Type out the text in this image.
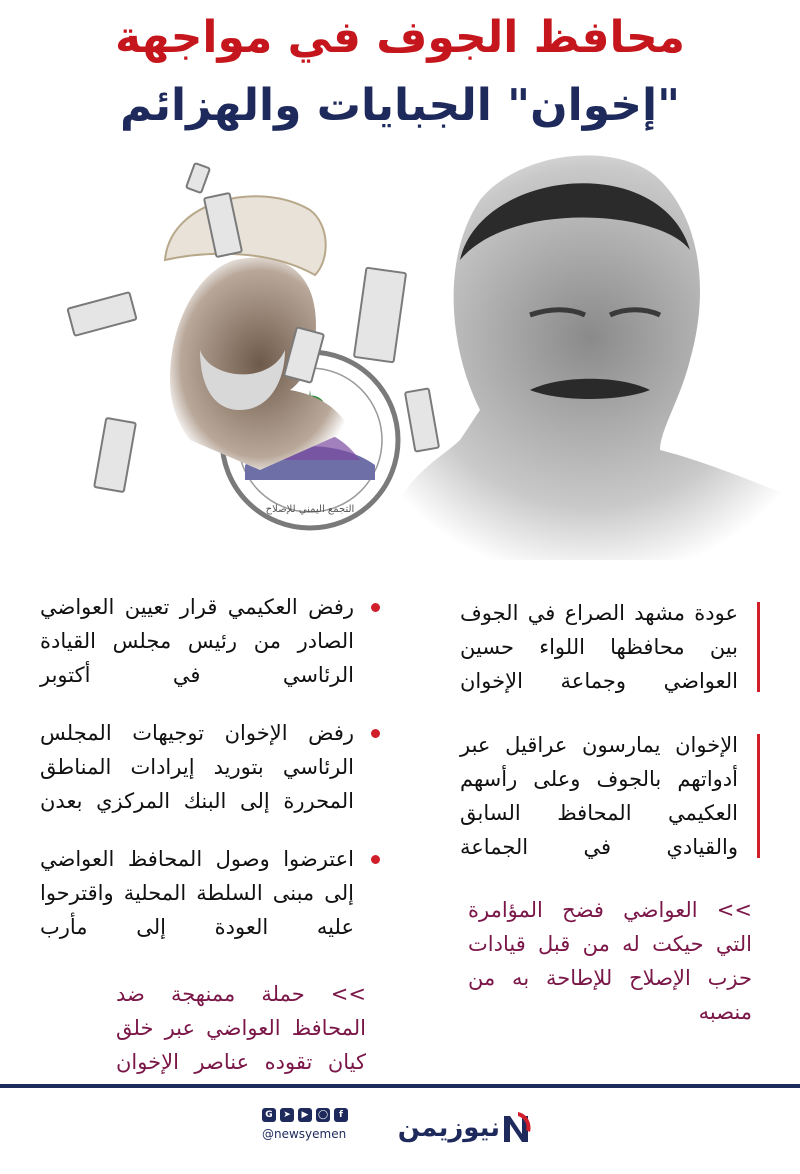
محافظ الجوف في مواجهة
"إخوان" الجبايات والهزائم
التجمع اليمني للإصلاح
عودة مشهد الصراع في الجوف بين محافظها اللواء حسين العواضي وجماعة الإخوان
الإخوان يمارسون عراقيل عبر أدواتهم بالجوف وعلى رأسهم العكيمي المحافظ السابق والقيادي في الجماعة
>> العواضي فضح المؤامرة التي حيكت له من قبل قيادات حزب الإصلاح للإطاحة به من منصبه
رفض العكيمي قرار تعيين العواضي الصادر من رئيس مجلس القيادة الرئاسي في أكتوبر
رفض الإخوان توجيهات المجلس الرئاسي بتوريد إيرادات المناطق المحررة إلى البنك المركزي بعدن
اعترضوا وصول المحافظ العواضي إلى مبنى السلطة المحلية واقترحوا عليه العودة إلى مأرب
>> حملة ممنهجة ضد المحافظ العواضي عبر خلق كيان تقوده عناصر الإخوان
نيوزيمن
G	➤	▶	◯	f
@newsyemen
